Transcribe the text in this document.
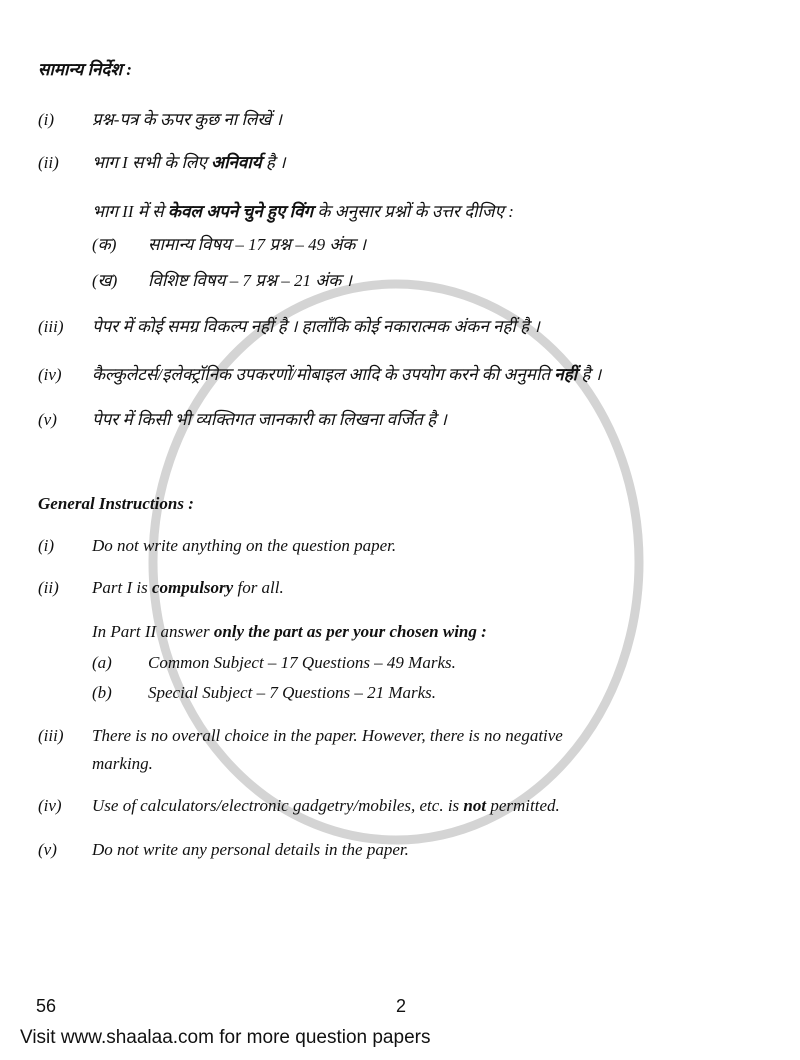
सामान्य निर्देश :
(i) प्रश्न-पत्र के ऊपर कुछ ना लिखें ।
(ii) भाग I सभी के लिए अनिवार्य है ।
भाग II में से केवल अपने चुने हुए विंग के अनुसार प्रश्नों के उत्तर दीजिए :
(iii) पेपर में कोई समग्र विकल्प नहीं है । हालाँकि कोई नकारात्मक अंकन नहीं है ।
(iv) कैल्कुलेटर्स/इलेक्ट्रॉनिक उपकरणों/मोबाइल आदि के उपयोग करने की अनुमति नहीं है ।
(v) पेपर में किसी भी व्यक्तिगत जानकारी का लिखना वर्जित है ।
(क) सामान्य विषय – 17 प्रश्न – 49 अंक ।
(ख) विशिष्ट विषय – 7 प्रश्न – 21 अंक ।
General Instructions :
(i) Do not write anything on the question paper.
(ii) Part I is compulsory for all.
In Part II answer only the part as per your chosen wing :
(iii) There is no overall choice in the paper. However, there is no negative
marking.
(iv) Use of calculators/electronic gadgetry/mobiles, etc. is not permitted.
(v) Do not write any personal details in the paper.
(a) Common Subject – 17 Questions – 49 Marks.
(b) Special Subject – 7 Questions – 21 Marks.
56	2
Visit www.shaalaa.com for more question papers
